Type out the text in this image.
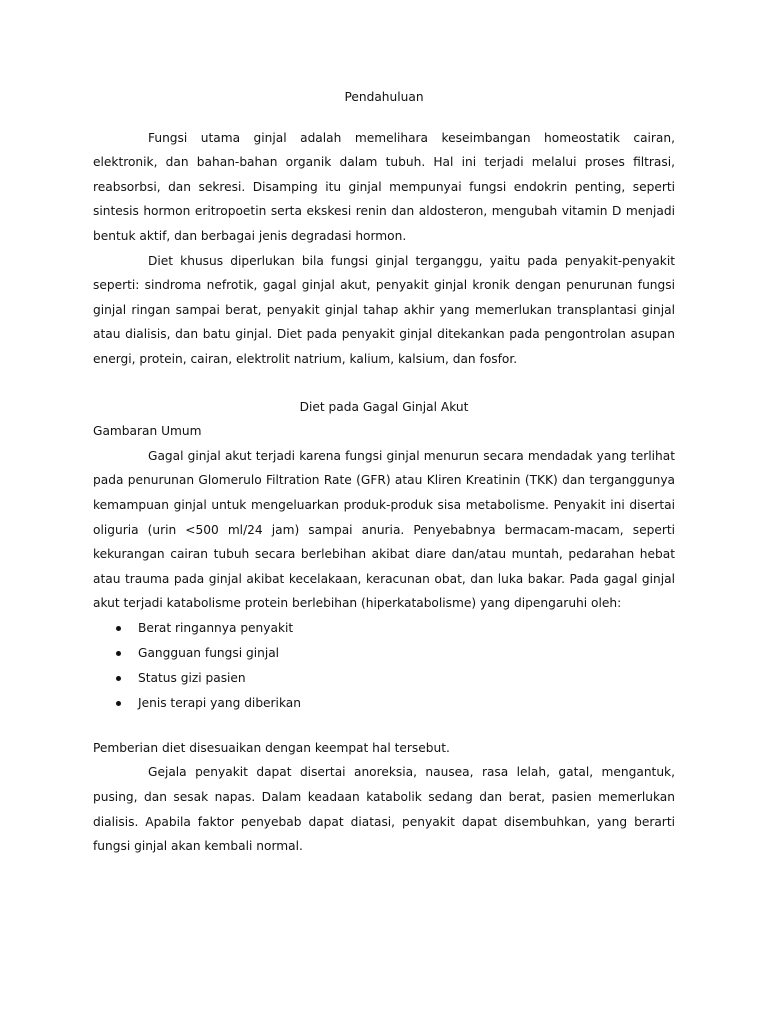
Pendahuluan

Fungsi utama ginjal adalah memelihara keseimbangan homeostatik cairan, elektronik, dan bahan-bahan organik dalam tubuh. Hal ini terjadi melalui proses filtrasi, reabsorbsi, dan sekresi. Disamping itu ginjal mempunyai fungsi endokrin penting, seperti sintesis hormon eritropoetin serta ekskesi renin dan aldosteron, mengubah vitamin D menjadi bentuk aktif, dan berbagai jenis degradasi hormon.

Diet khusus diperlukan bila fungsi ginjal terganggu, yaitu pada penyakit-penyakit seperti: sindroma nefrotik, gagal ginjal akut, penyakit ginjal kronik dengan penurunan fungsi ginjal ringan sampai berat, penyakit ginjal tahap akhir yang memerlukan transplantasi ginjal atau dialisis, dan batu ginjal. Diet pada penyakit ginjal ditekankan pada pengontrolan asupan energi, protein, cairan, elektrolit natrium, kalium, kalsium, dan fosfor.

Diet pada Gagal Ginjal Akut

Gambaran Umum

Gagal ginjal akut terjadi karena fungsi ginjal menurun secara mendadak yang terlihat pada penurunan Glomerulo Filtration Rate (GFR) atau Kliren Kreatinin (TKK) dan terganggunya kemampuan ginjal untuk mengeluarkan produk-produk sisa metabolisme. Penyakit ini disertai oliguria (urin <500 ml/24 jam) sampai anuria. Penyebabnya bermacam-macam, seperti kekurangan cairan tubuh secara berlebihan akibat diare dan/atau muntah, pedarahan hebat atau trauma pada ginjal akibat kecelakaan, keracunan obat, dan luka bakar. Pada gagal ginjal akut terjadi katabolisme protein berlebihan (hiperkatabolisme) yang dipengaruhi oleh:

Berat ringannya penyakit
Gangguan fungsi ginjal
Status gizi pasien
Jenis terapi yang diberikan

Pemberian diet disesuaikan dengan keempat hal tersebut.

Gejala penyakit dapat disertai anoreksia, nausea, rasa lelah, gatal, mengantuk, pusing, dan sesak napas. Dalam keadaan katabolik sedang dan berat, pasien memerlukan dialisis. Apabila faktor penyebab dapat diatasi, penyakit dapat disembuhkan, yang berarti fungsi ginjal akan kembali normal.
